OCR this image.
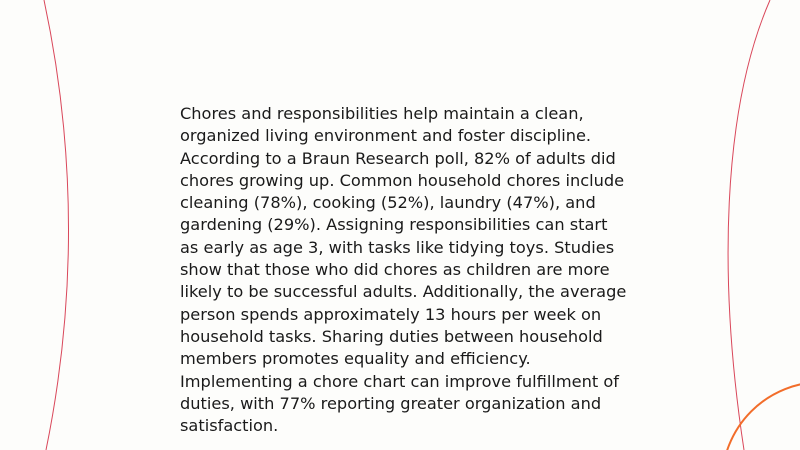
Chores and responsibilities help maintain a clean, organized living environment and foster discipline. According to a Braun Research poll, 82% of adults did chores growing up. Common household chores include cleaning (78%), cooking (52%), laundry (47%), and gardening (29%). Assigning responsibilities can start as early as age 3, with tasks like tidying toys. Studies show that those who did chores as children are more likely to be successful adults. Additionally, the average person spends approximately 13 hours per week on household tasks. Sharing duties between household members promotes equality and efficiency. Implementing a chore chart can improve fulfillment of duties, with 77% reporting greater organization and satisfaction.
